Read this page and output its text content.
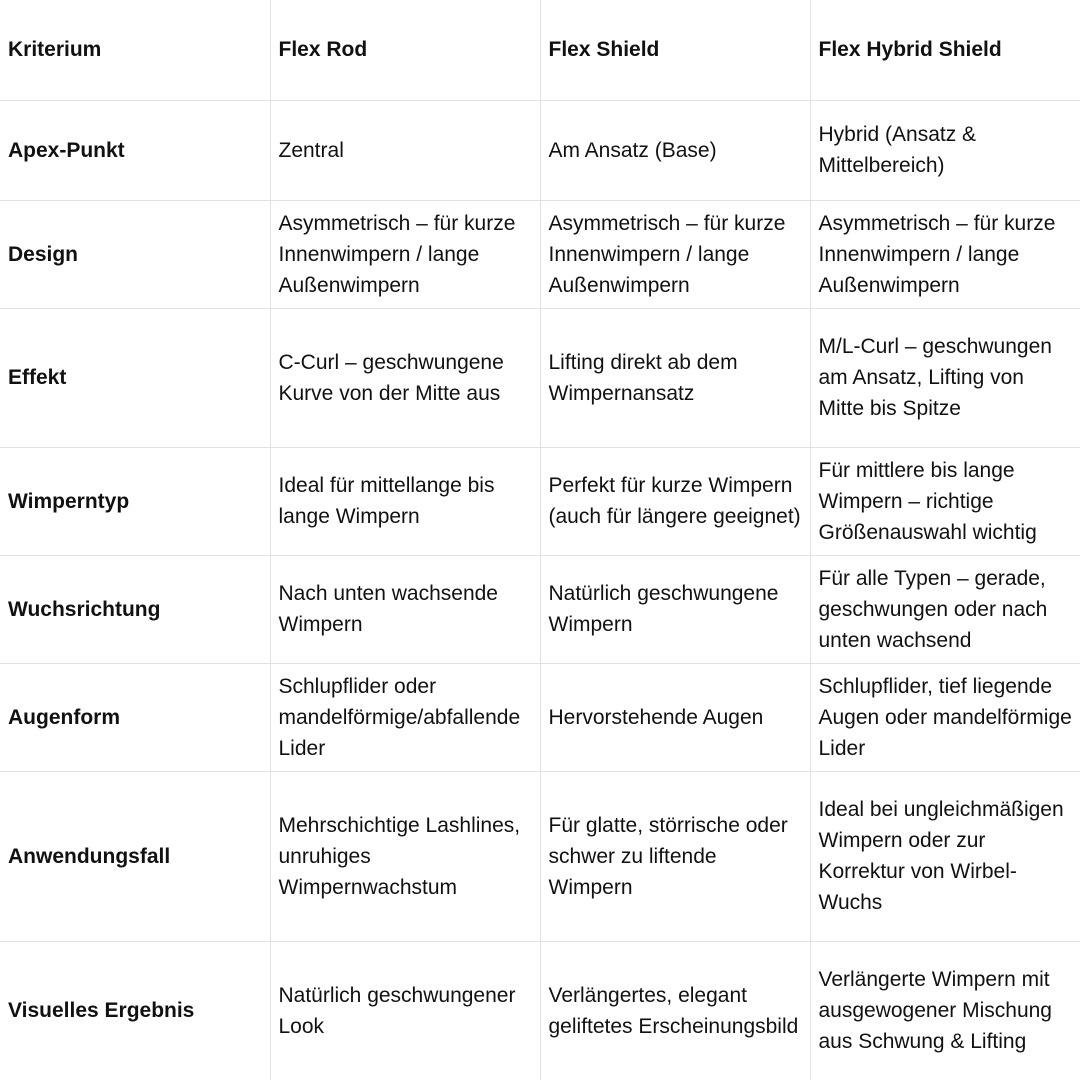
Kriterium	Flex Rod	Flex Shield	Flex Hybrid Shield
Apex-Punkt	Zentral	Am Ansatz (Base)	Hybrid (Ansatz & Mittelbereich)
Design	Asymmetrisch – für kurze Innenwimpern / lange Außenwimpern	Asymmetrisch – für kurze Innenwimpern / lange Außenwimpern	Asymmetrisch – für kurze Innenwimpern / lange Außenwimpern
Effekt	C-Curl – geschwungene Kurve von der Mitte aus	Lifting direkt ab dem Wimpernansatz	M/L-Curl – geschwungen am Ansatz, Lifting von Mitte bis Spitze
Wimperntyp	Ideal für mittellange bis lange Wimpern	Perfekt für kurze Wimpern (auch für längere geeignet)	Für mittlere bis lange Wimpern – richtige Größenauswahl wichtig
Wuchsrichtung	Nach unten wachsende Wimpern	Natürlich geschwungene Wimpern	Für alle Typen – gerade, geschwungen oder nach unten wachsend
Augenform	Schlupflider oder mandelförmige/abfallende Lider	Hervorstehende Augen	Schlupflider, tief liegende Augen oder mandelförmige Lider
Anwendungsfall	Mehrschichtige Lashlines, unruhiges Wimpernwachstum	Für glatte, störrische oder schwer zu liftende Wimpern	Ideal bei ungleichmäßigen Wimpern oder zur Korrektur von Wirbel-Wuchs
Visuelles Ergebnis	Natürlich geschwungener Look	Verlängertes, elegant geliftetes Erscheinungsbild	Verlängerte Wimpern mit ausgewogener Mischung aus Schwung & Lifting
